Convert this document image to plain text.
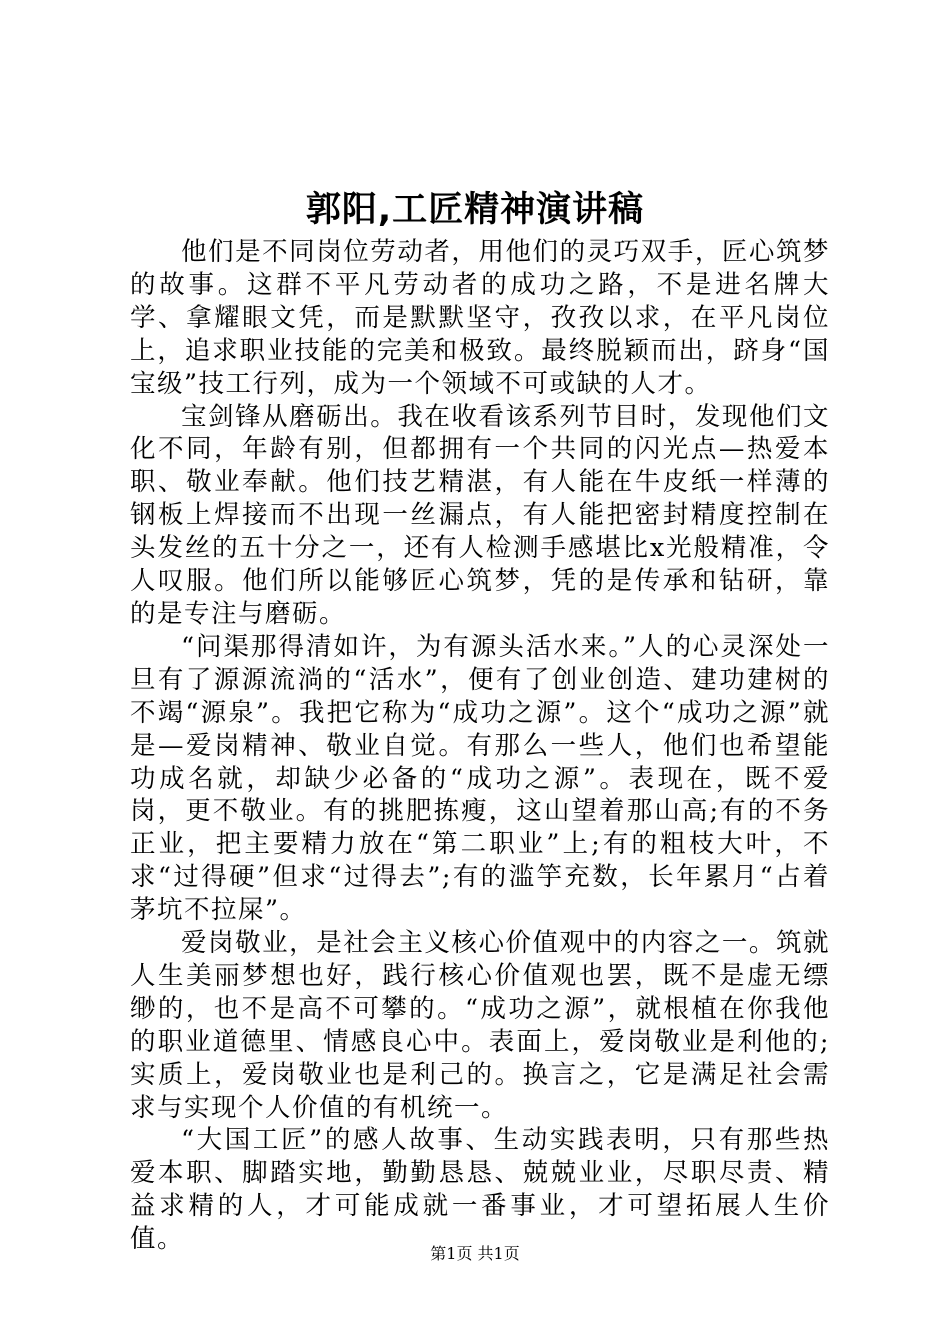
郭阳,工匠精神演讲稿

他们是不同岗位劳动者，用他们的灵巧双手，匠心筑梦的故事。这群不平凡劳动者的成功之路，不是进名牌大学、拿耀眼文凭，而是默默坚守，孜孜以求，在平凡岗位上，追求职业技能的完美和极致。最终脱颖而出，跻身“国宝级”技工行列，成为一个领域不可或缺的人才。

宝剑锋从磨砺出。我在收看该系列节目时，发现他们文化不同，年龄有别，但都拥有一个共同的闪光点—热爱本职、敬业奉献。他们技艺精湛，有人能在牛皮纸一样薄的钢板上焊接而不出现一丝漏点，有人能把密封精度控制在头发丝的五十分之一，还有人检测手感堪比x光般精准，令人叹服。他们所以能够匠心筑梦，凭的是传承和钻研，靠的是专注与磨砺。

“问渠那得清如许，为有源头活水来。”人的心灵深处一旦有了源源流淌的“活水”，便有了创业创造、建功建树的不竭“源泉”。我把它称为“成功之源”。这个“成功之源”就是—爱岗精神、敬业自觉。有那么一些人，他们也希望能功成名就，却缺少必备的“成功之源”。表现在，既不爱岗，更不敬业。有的挑肥拣瘦，这山望着那山高;有的不务正业，把主要精力放在“第二职业”上;有的粗枝大叶，不求“过得硬”但求“过得去”;有的滥竽充数，长年累月“占着茅坑不拉屎”。

爱岗敬业，是社会主义核心价值观中的内容之一。筑就人生美丽梦想也好，践行核心价值观也罢，既不是虚无缥缈的，也不是高不可攀的。“成功之源”，就根植在你我他的职业道德里、情感良心中。表面上，爱岗敬业是利他的;实质上，爱岗敬业也是利己的。换言之，它是满足社会需求与实现个人价值的有机统一。

“大国工匠”的感人故事、生动实践表明，只有那些热爱本职、脚踏实地，勤勤恳恳、兢兢业业，尽职尽责、精益求精的人，才可能成就一番事业，才可望拓展人生价值。	第1页 共1页
